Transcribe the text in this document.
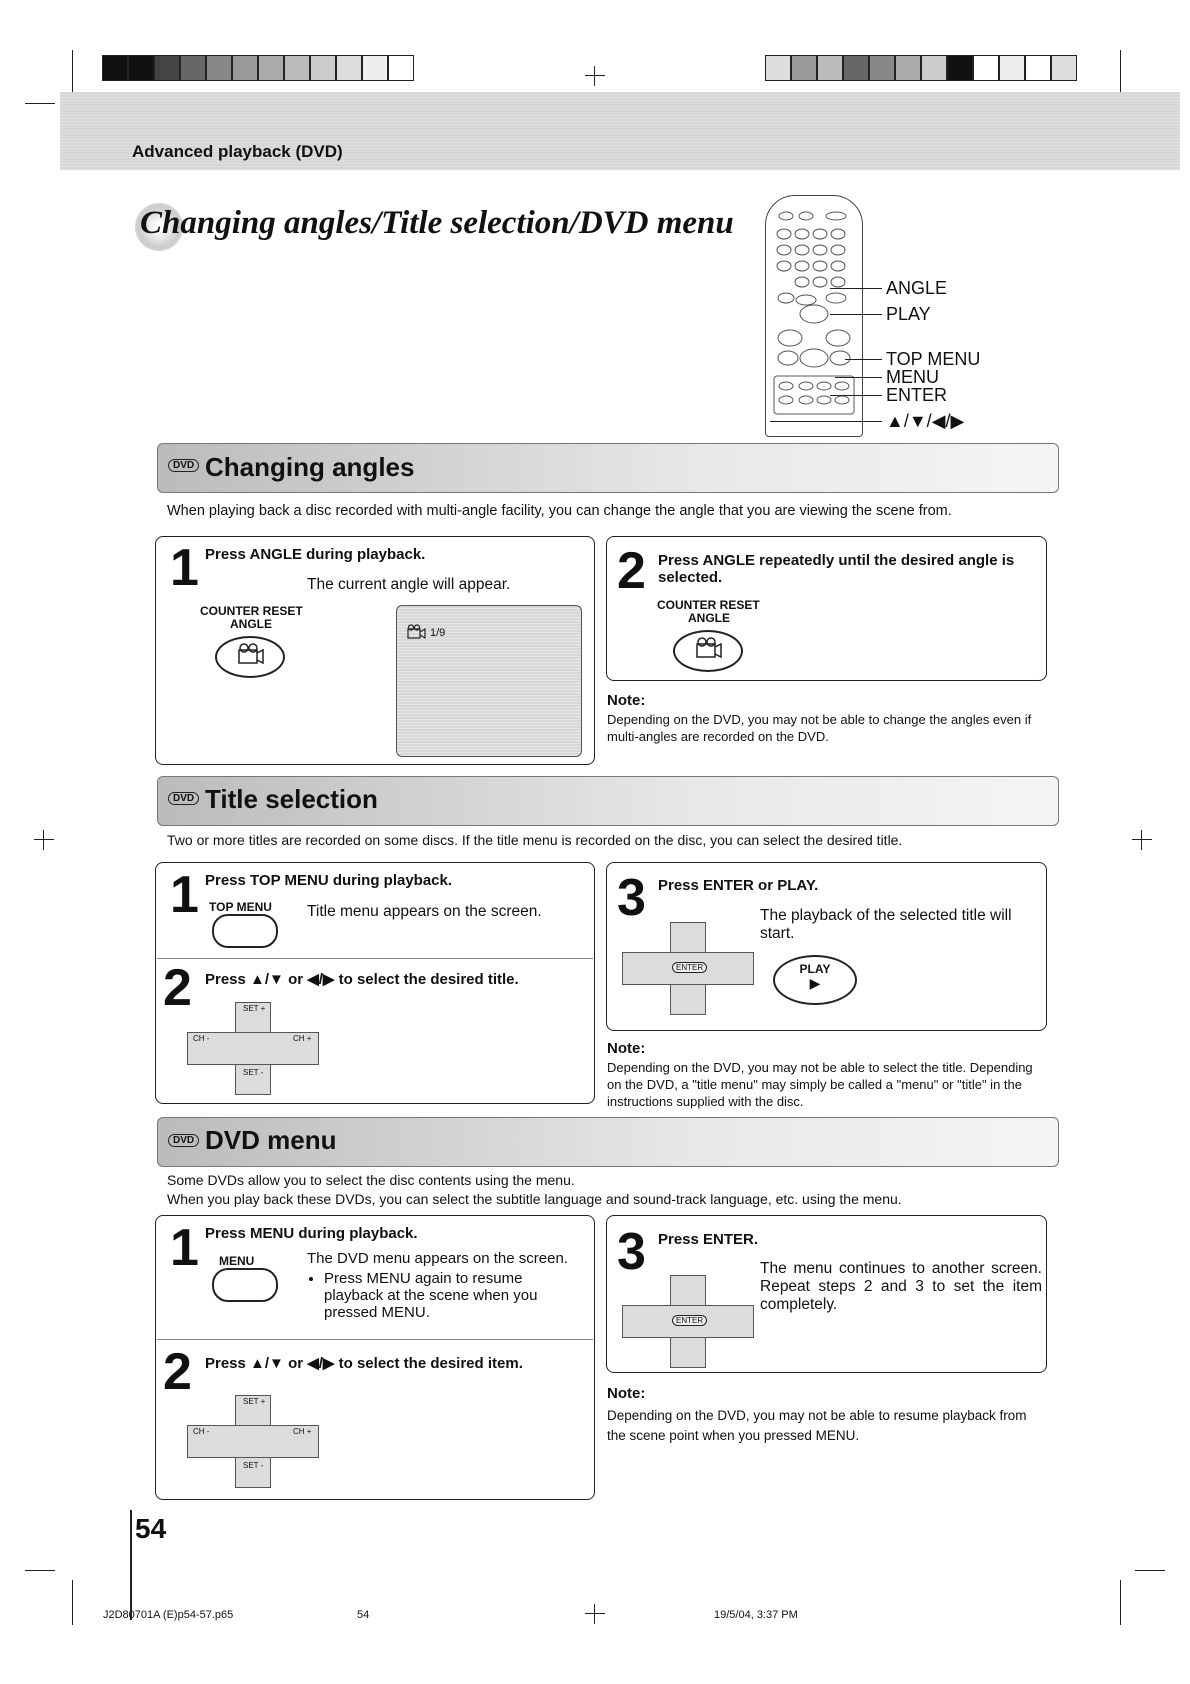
Advanced playback (DVD)
Changing angles/Title selection/DVD menu
ANGLE
PLAY
TOP MENU
MENU
ENTER
▲/▼/◀/▶
DVD Changing angles
When playing back a disc recorded with multi-angle facility, you can change the angle that you are viewing the scene from.
1 Press ANGLE during playback.
The current angle will appear.
COUNTER RESET
ANGLE
1/9
2 Press ANGLE repeatedly until the desired angle is selected.
COUNTER RESET
ANGLE
Note:
Depending on the DVD, you may not be able to change the angles even if multi-angles are recorded on the DVD.
DVD Title selection
Two or more titles are recorded on some discs. If the title menu is recorded on the disc, you can select the desired title.
1 Press TOP MENU during playback.
TOP MENU Title menu appears on the screen.
2 Press ▲/▼ or ◀/▶ to select the desired title.
SET +
CH -	CH +
SET -
3 Press ENTER or PLAY.
The playback of the selected title will start.
ENTER	PLAY
▶
Note:
Depending on the DVD, you may not be able to select the title. Depending on the DVD, a "title menu" may simply be called a "menu" or "title" in the instructions supplied with the disc.
DVD DVD menu
Some DVDs allow you to select the disc contents using the menu.
When you play back these DVDs, you can select the subtitle language and sound-track language, etc. using the menu.
1 Press MENU during playback.
MENU	The DVD menu appears on the screen.
• Press MENU again to resume playback at the scene when you pressed MENU.
2 Press ▲/▼ or ◀/▶ to select the desired item.
SET +
CH -	CH +
SET -
3 Press ENTER.
The menu continues to another screen. Repeat steps 2 and 3 to set the item completely.
ENTER
Note:
Depending on the DVD, you may not be able to resume playback from the scene point when you pressed MENU.
54
J2D80701A (E)p54-57.p65	54	19/5/04, 3:37 PM
